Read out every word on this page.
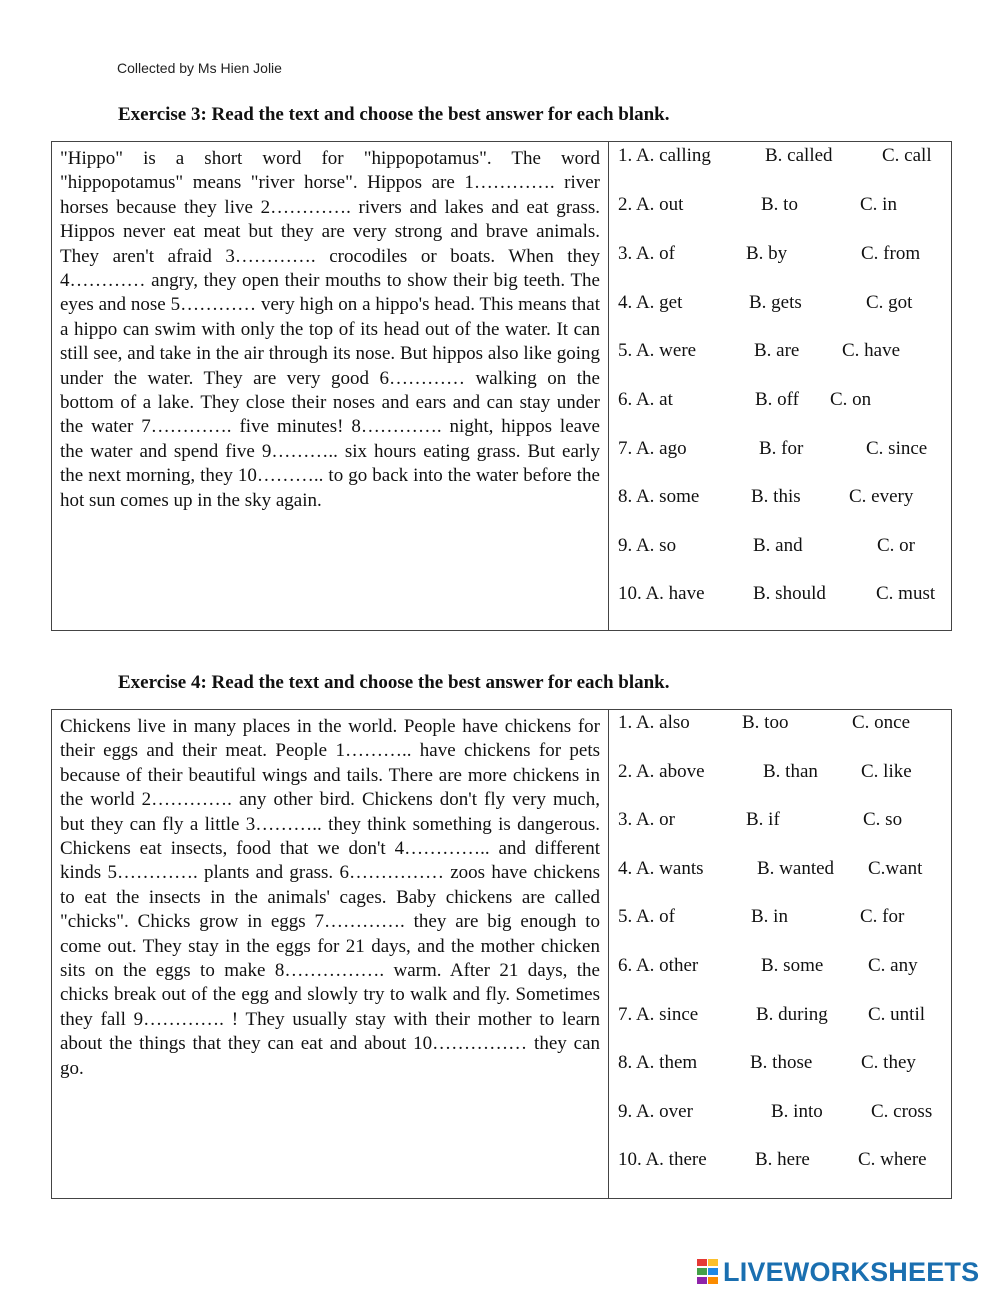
Collected by Ms Hien Jolie
Exercise 3: Read the text and choose the best answer for each blank.

"Hippo" is a short word for "hippopotamus". The word "hippopotamus" means "river horse". Hippos are 1…………. river horses because they live 2…………. rivers and lakes and eat grass. Hippos never eat meat but they are very strong and brave animals. They aren't afraid 3…………. crocodiles or boats. When they 4………… angry, they open their mouths to show their big teeth. The eyes and nose 5………… very high on a hippo's head. This means that a hippo can swim with only the top of its head out of the water. It can still see, and take in the air through its nose. But hippos also like going under the water. They are very good 6………… walking on the bottom of a lake. They close their noses and ears and can stay under the water 7…………. five minutes! 8…………. night, hippos leave the water and spend five 9……….. six hours eating grass. But early the next morning, they 10……….. to go back into the water before the hot sun comes up in the sky again.

1. A. calling	B. called	C. call
2. A. out	B. to	C. in
3. A. of	B. by	C. from
4. A. get	B. gets	C. got
5. A. were	B. are C. have
6. A. at	B. off C. on
7. A. ago	B. for	C. since
8. A. some	B. this	C. every
9. A. so	B. and	C. or
10. A. have	B. should	C. must
Exercise 4: Read the text and choose the best answer for each blank.

Chickens live in many places in the world. People have chickens for their eggs and their meat. People 1……….. have chickens for pets because of their beautiful wings and tails. There are more chickens in the world 2…………. any other bird. Chickens don't fly very much, but they can fly a little 3……….. they think something is dangerous. Chickens eat insects, food that we don't 4………….. and different kinds 5…………. plants and grass. 6…………… zoos have chickens to eat the insects in the animals' cages. Baby chickens are called "chicks". Chicks grow in eggs 7…………. they are big enough to come out. They stay in the eggs for 21 days, and the mother chicken sits on the eggs to make 8……………. warm. After 21 days, the chicks break out of the egg and slowly try to walk and fly. Sometimes they fall 9…………. ! They usually stay with their mother to learn about the things that they can eat and about 10…………… they can go.

1. A. also	B. too	C. once
2. A. above	B. than C. like
3. A. or	B. if	C. so
4. A. wants	B. wanted C.want
5. A. of	B. in	C. for
6. A. other	B. some C. any
7. A. since	B. during C. until
8. A. them	B. those	C. they
9. A. over	B. into	C. cross
10. A. there	B. here	C. where
LIVEWORKSHEETS
